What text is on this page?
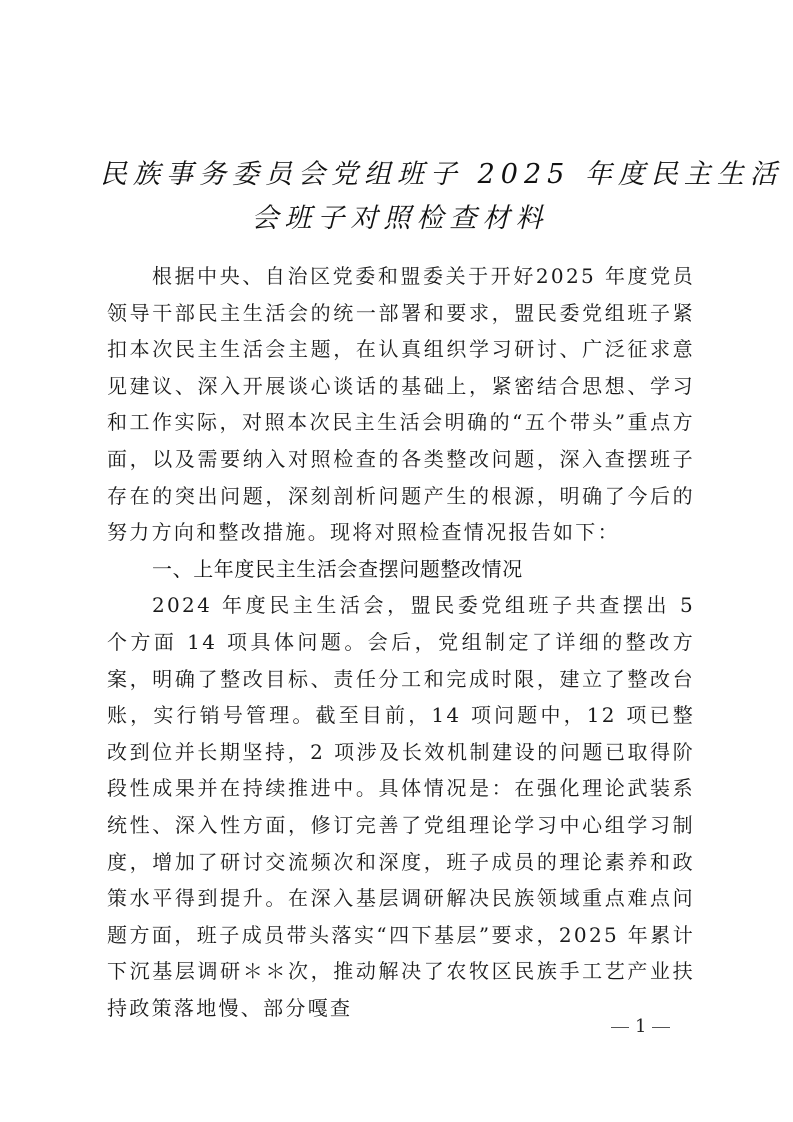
民族事务委员会党组班子 2025 年度民主生活
会班子对照检查材料

根据中央、自治区党委和盟委关于开好2025 年度党员领导干部民主生活会的统一部署和要求，盟民委党组班子紧扣本次民主生活会主题，在认真组织学习研讨、广泛征求意见建议、深入开展谈心谈话的基础上，紧密结合思想、学习和工作实际，对照本次民主生活会明确的“五个带头”重点方面，以及需要纳入对照检查的各类整改问题，深入查摆班子存在的突出问题，深刻剖析问题产生的根源，明确了今后的努力方向和整改措施。现将对照检查情况报告如下：

一、上年度民主生活会查摆问题整改情况

2024 年度民主生活会，盟民委党组班子共查摆出 5 个方面 14 项具体问题。会后，党组制定了详细的整改方案，明确了整改目标、责任分工和完成时限，建立了整改台账，实行销号管理。截至目前，14 项问题中，12 项已整改到位并长期坚持，2 项涉及长效机制建设的问题已取得阶段性成果并在持续推进中。具体情况是：在强化理论武装系统性、深入性方面，修订完善了党组理论学习中心组学习制度，增加了研讨交流频次和深度，班子成员的理论素养和政策水平得到提升。在深入基层调研解决民族领域重点难点问题方面，班子成员带头落实“四下基层”要求，2025 年累计下沉基层调研＊＊次，推动解决了农牧区民族手工艺产业扶持政策落地慢、部分嘎查

1
